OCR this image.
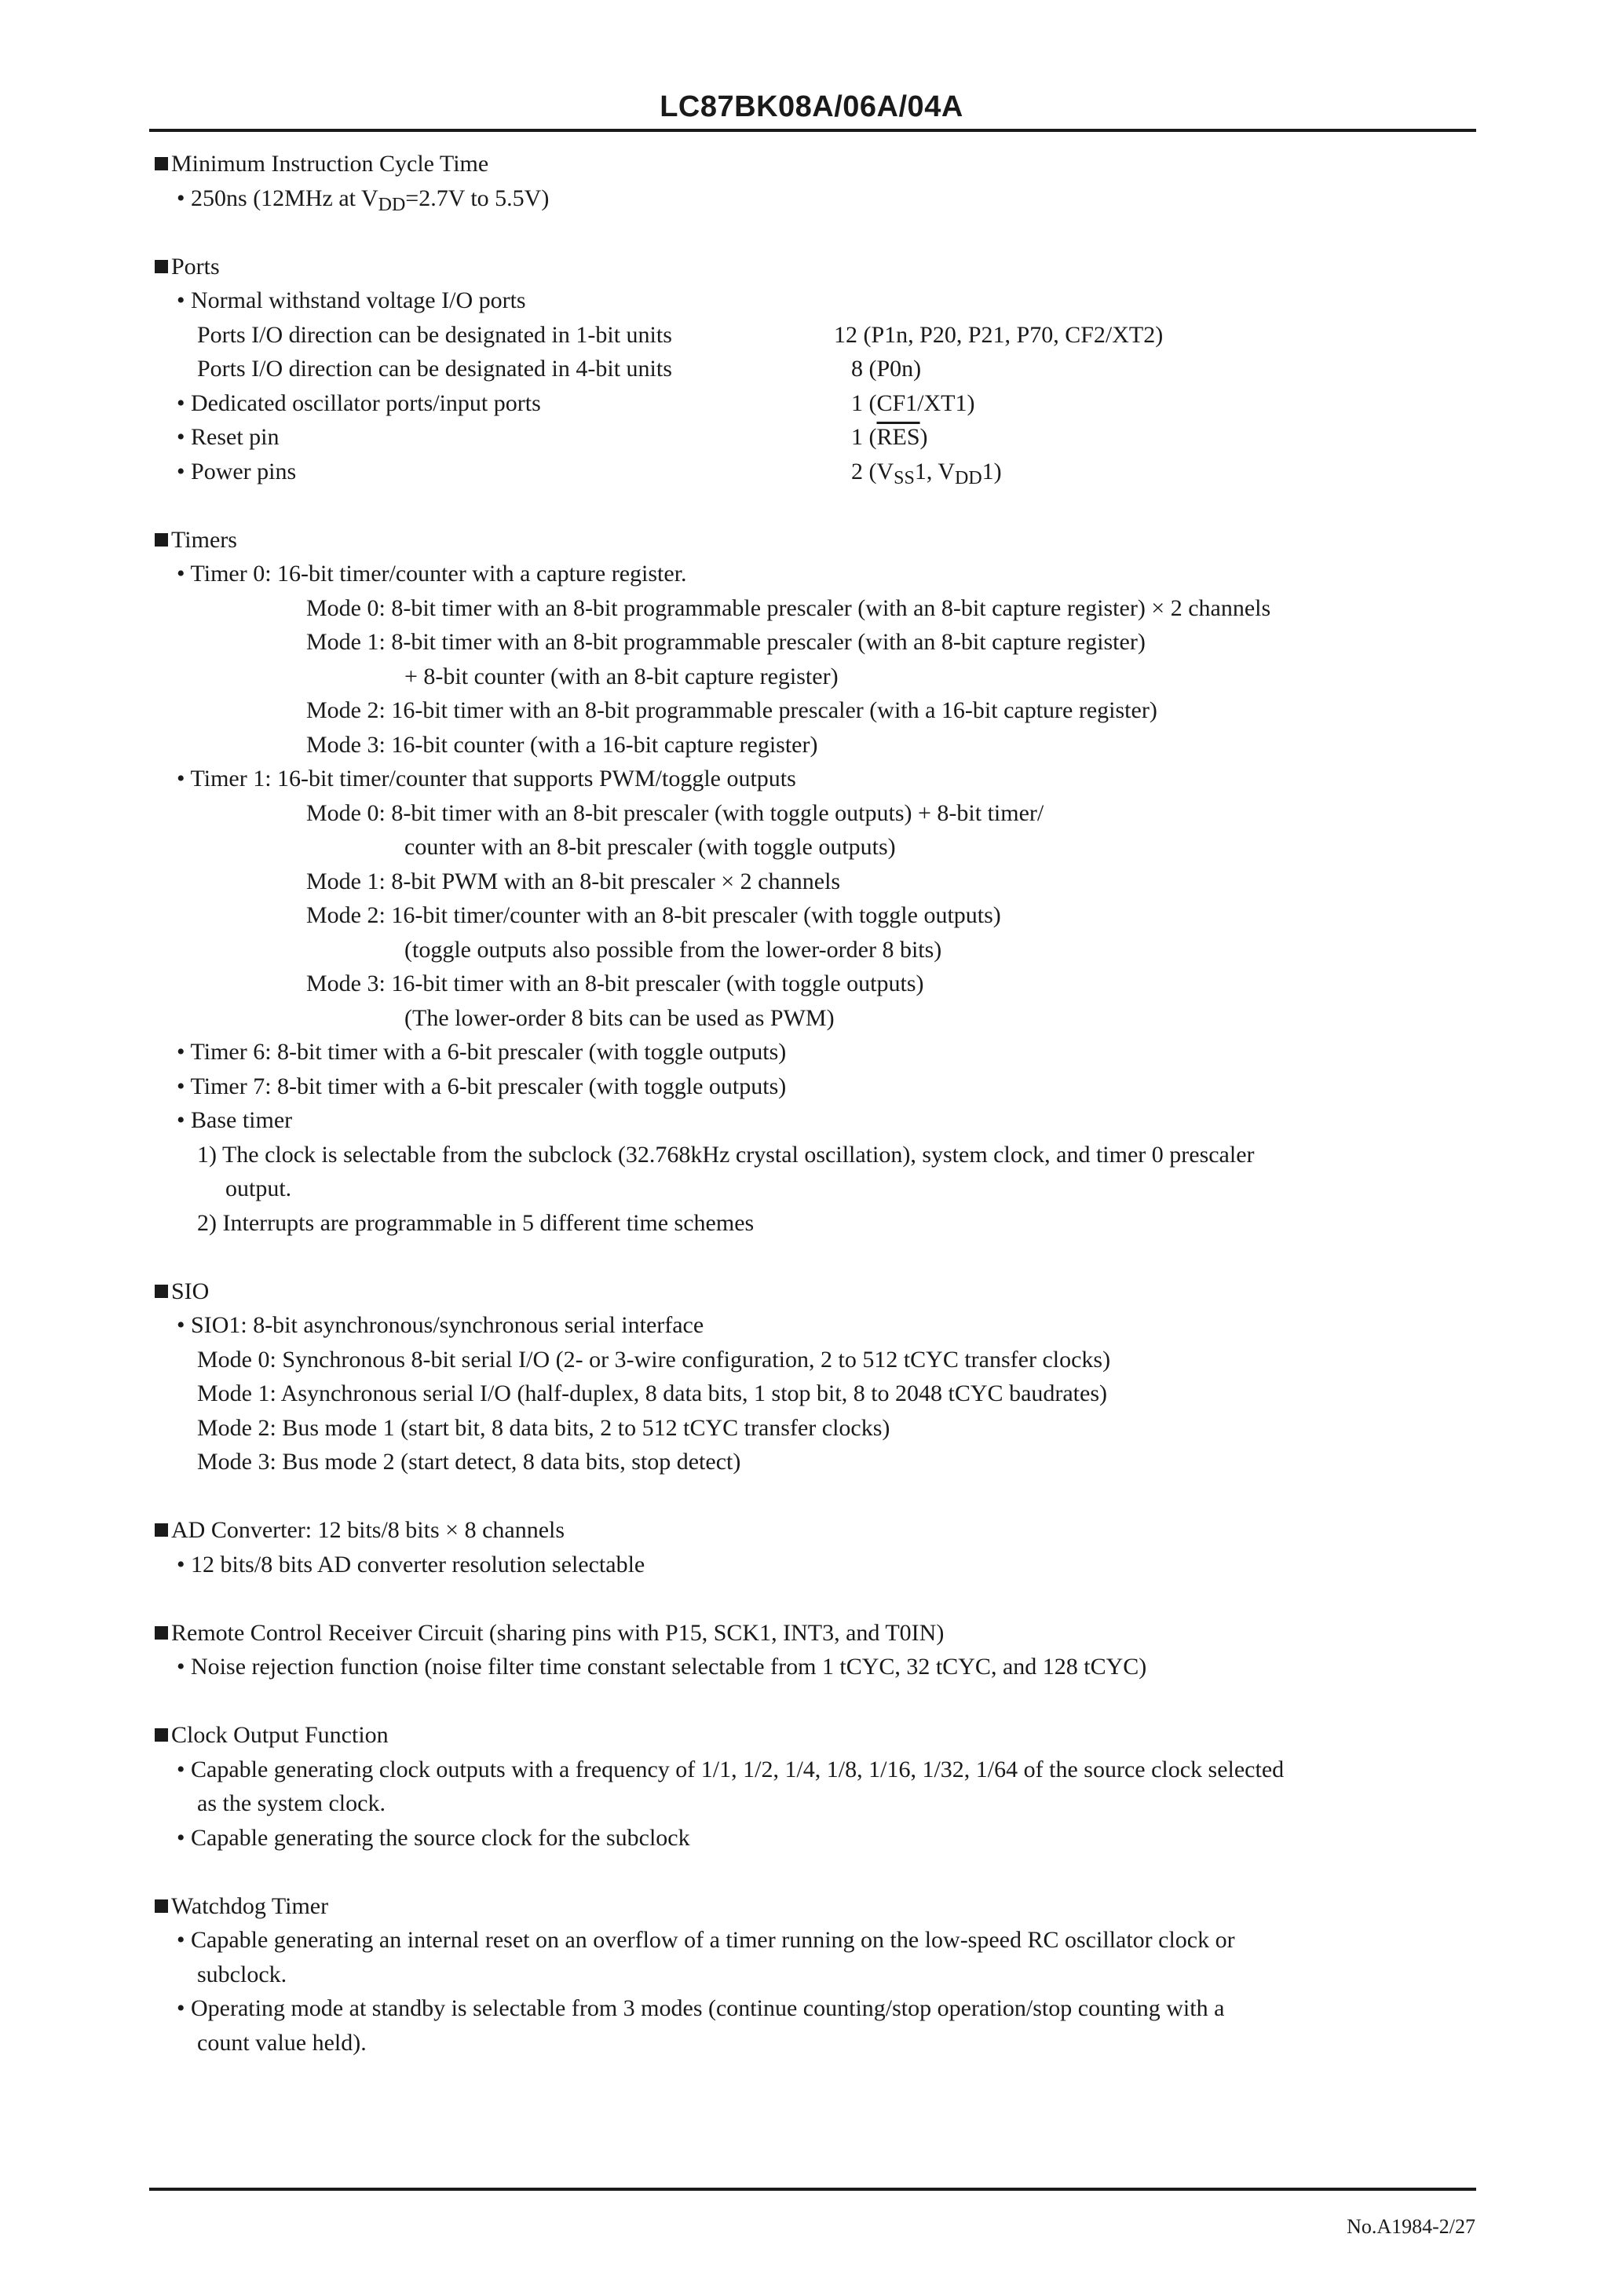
LC87BK08A/06A/04A
Minimum Instruction Cycle Time
• 250ns (12MHz at $V_{DD}=2.7V$ to 5.5V)
Ports
• Normal withstand voltage I/O ports
Ports I/O direction can be designated in 1-bit units	12 (P1n, P20, P21, P70, CF2/XT2)
Ports I/O direction can be designated in 4-bit units	8 (P0n)
• Dedicated oscillator ports/input ports	1 (CF1/XT1)
• Reset pin	1 $(\overline{RES})$
• Power pins	2 ($V_{SS}1$, $V_{DD}1$)
Timers
• Timer 0: 16-bit timer/counter with a capture register.
Mode 0: 8-bit timer with an 8-bit programmable prescaler (with an 8-bit capture register) × 2 channels
Mode 1: 8-bit timer with an 8-bit programmable prescaler (with an 8-bit capture register)
+ 8-bit counter (with an 8-bit capture register)
Mode 2: 16-bit timer with an 8-bit programmable prescaler (with a 16-bit capture register)
Mode 3: 16-bit counter (with a 16-bit capture register)
• Timer 1: 16-bit timer/counter that supports PWM/toggle outputs
Mode 0: 8-bit timer with an 8-bit prescaler (with toggle outputs) + 8-bit timer/
counter with an 8-bit prescaler (with toggle outputs)
Mode 1: 8-bit PWM with an 8-bit prescaler × 2 channels
Mode 2: 16-bit timer/counter with an 8-bit prescaler (with toggle outputs)
(toggle outputs also possible from the lower-order 8 bits)
Mode 3: 16-bit timer with an 8-bit prescaler (with toggle outputs)
(The lower-order 8 bits can be used as PWM)
• Timer 6: 8-bit timer with a 6-bit prescaler (with toggle outputs)
• Timer 7: 8-bit timer with a 6-bit prescaler (with toggle outputs)
• Base timer
1) The clock is selectable from the subclock (32.768kHz crystal oscillation), system clock, and timer 0 prescaler
output.
2) Interrupts are programmable in 5 different time schemes
SIO
• SIO1: 8-bit asynchronous/synchronous serial interface
Mode 0: Synchronous 8-bit serial I/O (2- or 3-wire configuration, 2 to 512 tCYC transfer clocks)
Mode 1: Asynchronous serial I/O (half-duplex, 8 data bits, 1 stop bit, 8 to 2048 tCYC baudrates)
Mode 2: Bus mode 1 (start bit, 8 data bits, 2 to 512 tCYC transfer clocks)
Mode 3: Bus mode 2 (start detect, 8 data bits, stop detect)
AD Converter: 12 bits/8 bits × 8 channels
• 12 bits/8 bits AD converter resolution selectable
Remote Control Receiver Circuit (sharing pins with P15, SCK1, INT3, and T0IN)
• Noise rejection function (noise filter time constant selectable from 1 tCYC, 32 tCYC, and 128 tCYC)
Clock Output Function
• Capable generating clock outputs with a frequency of 1/1, 1/2, 1/4, 1/8, 1/16, 1/32, 1/64 of the source clock selected
as the system clock.
• Capable generating the source clock for the subclock
Watchdog Timer
• Capable generating an internal reset on an overflow of a timer running on the low-speed RC oscillator clock or
subclock.
• Operating mode at standby is selectable from 3 modes (continue counting/stop operation/stop counting with a
count value held).
No.A1984-2/27
